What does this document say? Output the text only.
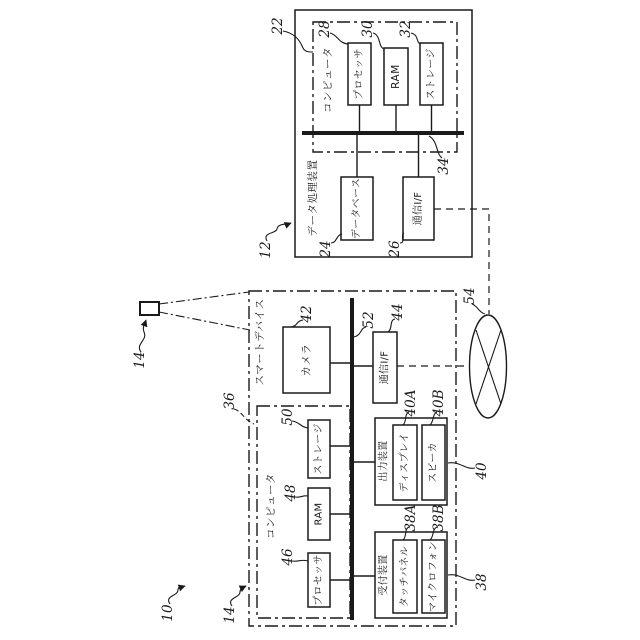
データ処理装置
コンピュータ プロセッサ RAM ストレージ
データベース	通信I/F
22 28 30 32
34
12	24	26
スマートデバイス
14	カメラ
42	52
通信I/F
44
コンピュータ
36
ストレージ
50
RAM
48
プロセッサ
46
出力装置 ディスプレイ スピーカ
40A 40B
40
受付装置 タッチパネル マイクロフォン
38A 38B
38
14
10
54
